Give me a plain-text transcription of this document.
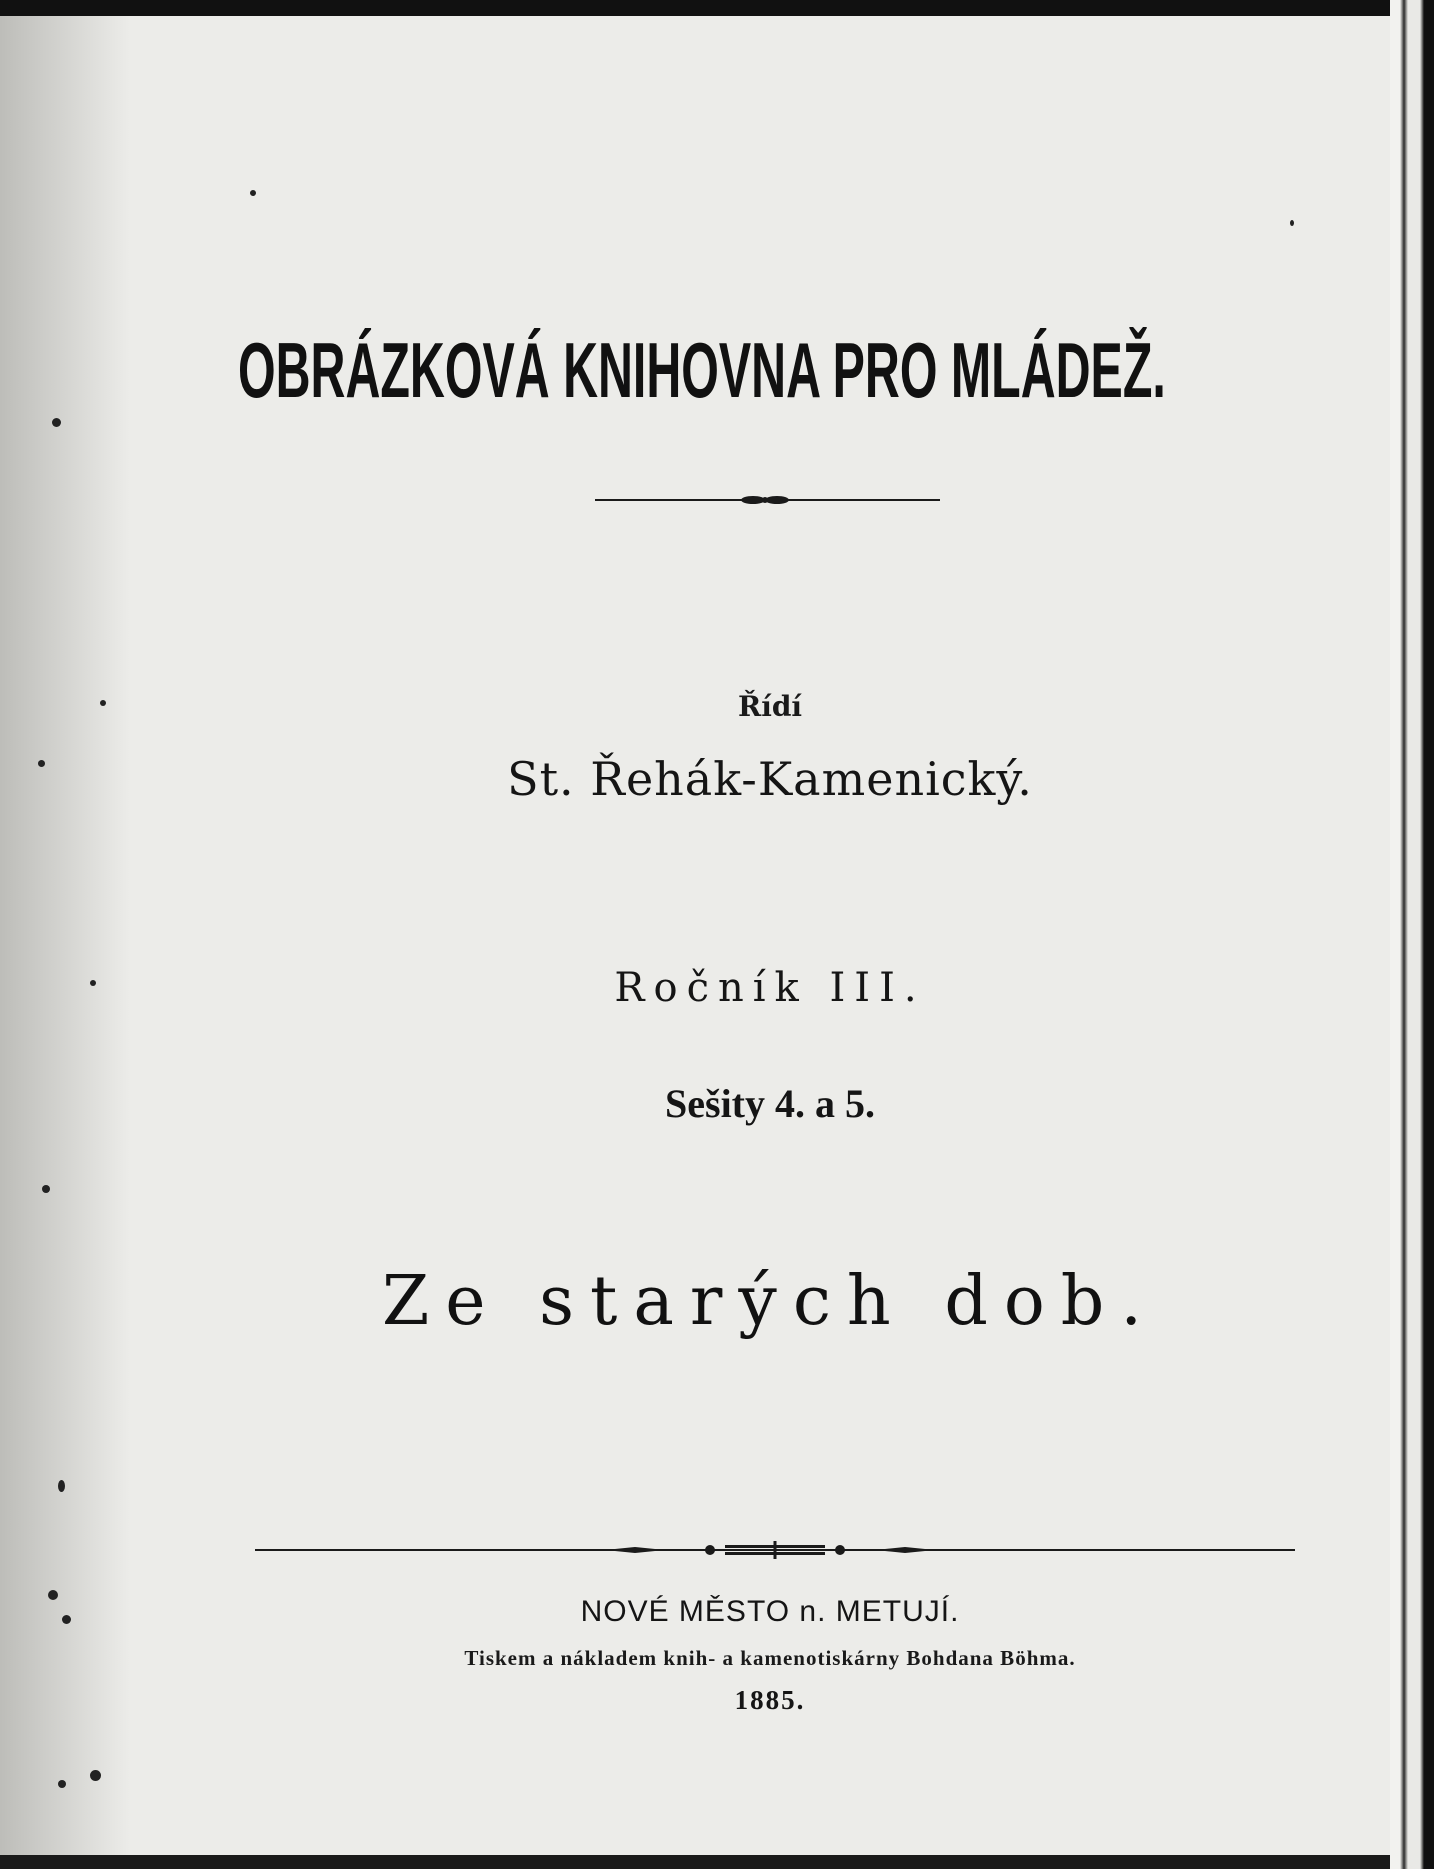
OBRÁZKOVÁ KNIHOVNA PRO MLÁDEŽ.
Řídí
St. Řehák-Kamenický.
Ročník III.
Sešity 4. a 5.
Ze starých dob.
NOVÉ MĚSTO n. METUJÍ.
Tiskem a nákladem knih- a kamenotiskárny Bohdana Böhma.
1885.
